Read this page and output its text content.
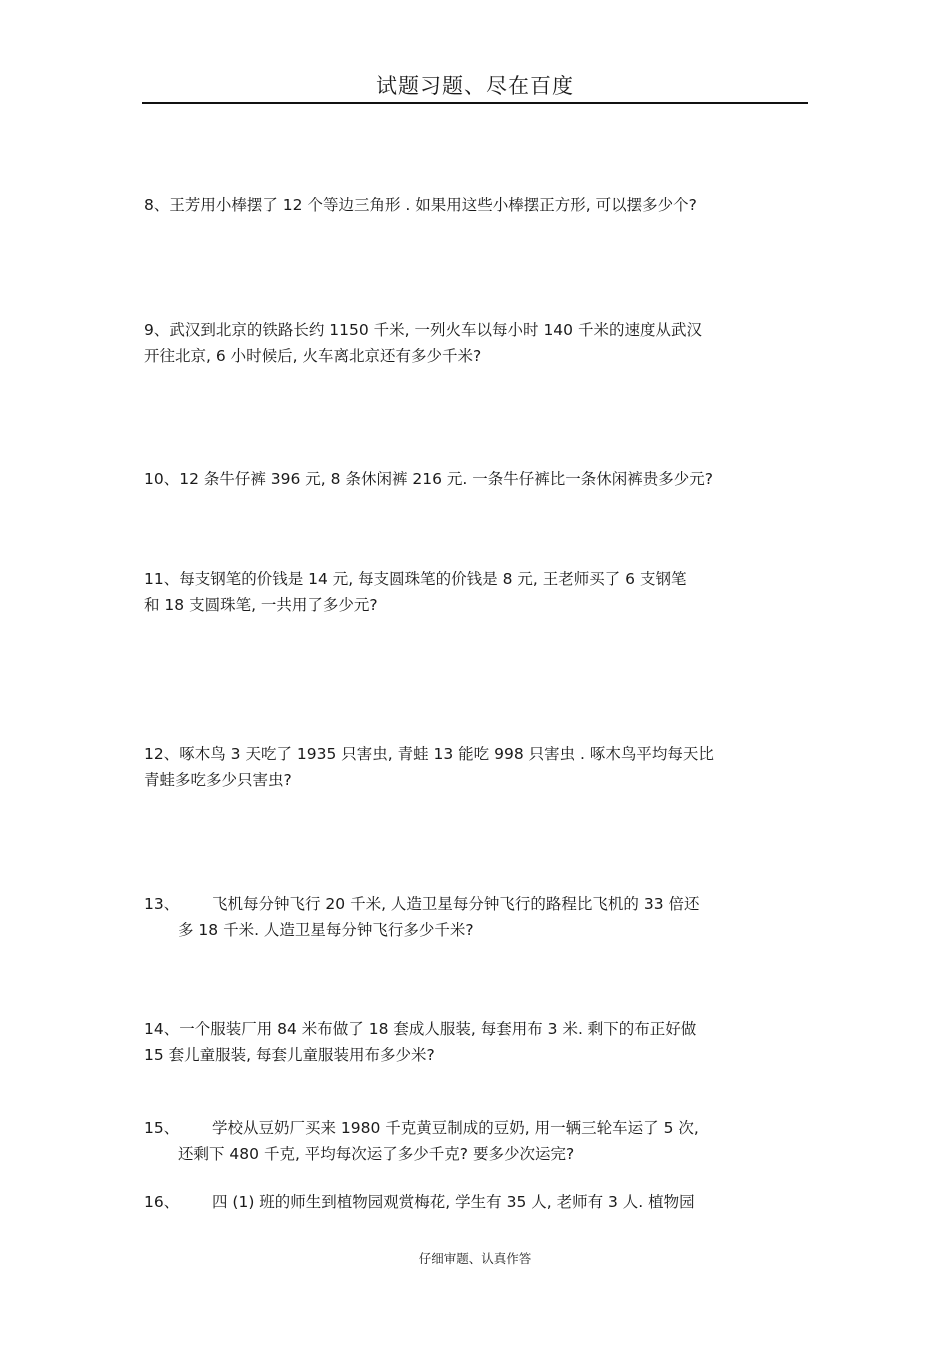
试题习题、尽在百度
8、王芳用小棒摆了 12 个等边三角形 . 如果用这些小棒摆正方形, 可以摆多少个?
9、武汉到北京的铁路长约 1150 千米, 一列火车以每小时 140 千米的速度从武汉
开往北京, 6 小时候后, 火车离北京还有多少千米?
10、12 条牛仔裤 396 元, 8 条休闲裤 216 元. 一条牛仔裤比一条休闲裤贵多少元?
11、每支钢笔的价钱是 14 元, 每支圆珠笔的价钱是 8 元, 王老师买了 6 支钢笔
和 18 支圆珠笔, 一共用了多少元?
12、啄木鸟 3 天吃了 1935 只害虫, 青蛙 13 能吃 998 只害虫 . 啄木鸟平均每天比
青蛙多吃多少只害虫?
13、 飞机每分钟飞行 20 千米, 人造卫星每分钟飞行的路程比飞机的 33 倍还
多 18 千米. 人造卫星每分钟飞行多少千米?
14、一个服装厂用 84 米布做了 18 套成人服装, 每套用布 3 米. 剩下的布正好做
15 套儿童服装, 每套儿童服装用布多少米?
15、 学校从豆奶厂买来 1980 千克黄豆制成的豆奶, 用一辆三轮车运了 5 次,
还剩下 480 千克, 平均每次运了多少千克? 要多少次运完?
16、 四 (1) 班的师生到植物园观赏梅花, 学生有 35 人, 老师有 3 人. 植物园
仔细审题、认真作答
